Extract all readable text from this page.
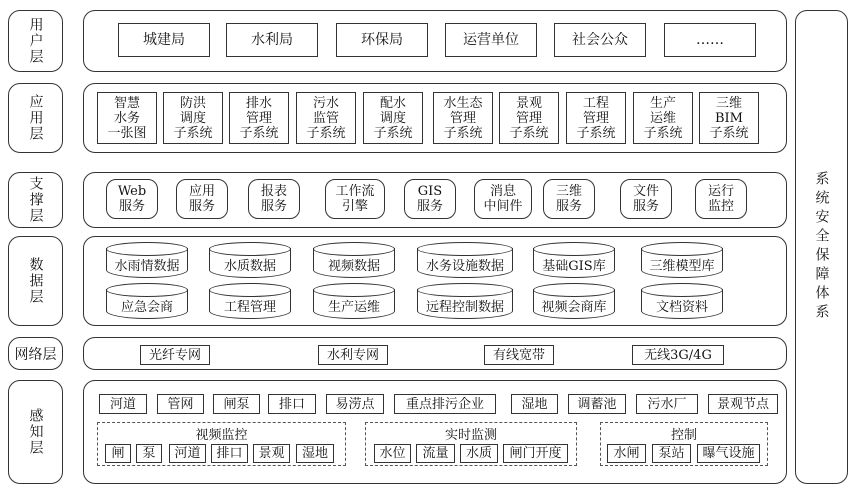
用户层
应用层
支撑层
数据层
网络层
感知层
系统安全保障体系
城建局	水利局	环保局	运营单位	社会公众	……
智慧
水务
一张图
防洪
调度
子系统
排水
管理
子系统
污水
监管
子系统
配水
调度
子系统
水生态
管理
子系统
景观
管理
子系统
工程
管理
子系统
生产
运维
子系统
三维
BIM
子系统
Web
服务
应用
服务
报表
服务
工作流
引擎
GIS
服务
消息
中间件
三维
服务
文件
服务
运行
监控
水雨情数据	水质数据	视频数据	水务设施数据	基础GIS库	三维模型库
应急会商	工程管理	生产运维	远程控制数据	视频会商库	文档资料
光纤专网	水利专网	有线宽带	无线3G/4G
河道	管网	闸泵	排口	易涝点	重点排污企业	湿地	调蓄池	污水厂	景观节点
视频监控
闸	泵	河道	排口	景观	湿地
实时监测
水位	流量	水质	闸门开度
控制
水闸	泵站	曝气设施
